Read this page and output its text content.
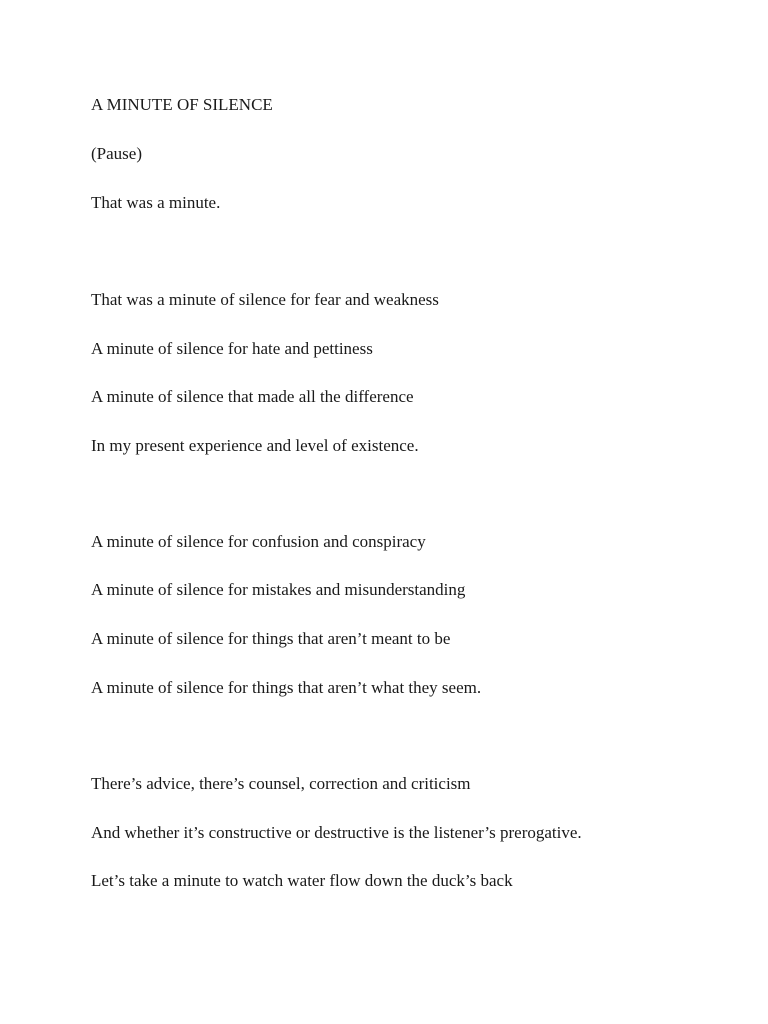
A MINUTE OF SILENCE

(Pause)

That was a minute.

That was a minute of silence for fear and weakness

A minute of silence for hate and pettiness

A minute of silence that made all the difference

In my present experience and level of existence.

A minute of silence for confusion and conspiracy

A minute of silence for mistakes and misunderstanding

A minute of silence for things that aren’t meant to be

A minute of silence for things that aren’t what they seem.

There’s advice, there’s counsel, correction and criticism

And whether it’s constructive or destructive is the listener’s prerogative.

Let’s take a minute to watch water flow down the duck’s back
